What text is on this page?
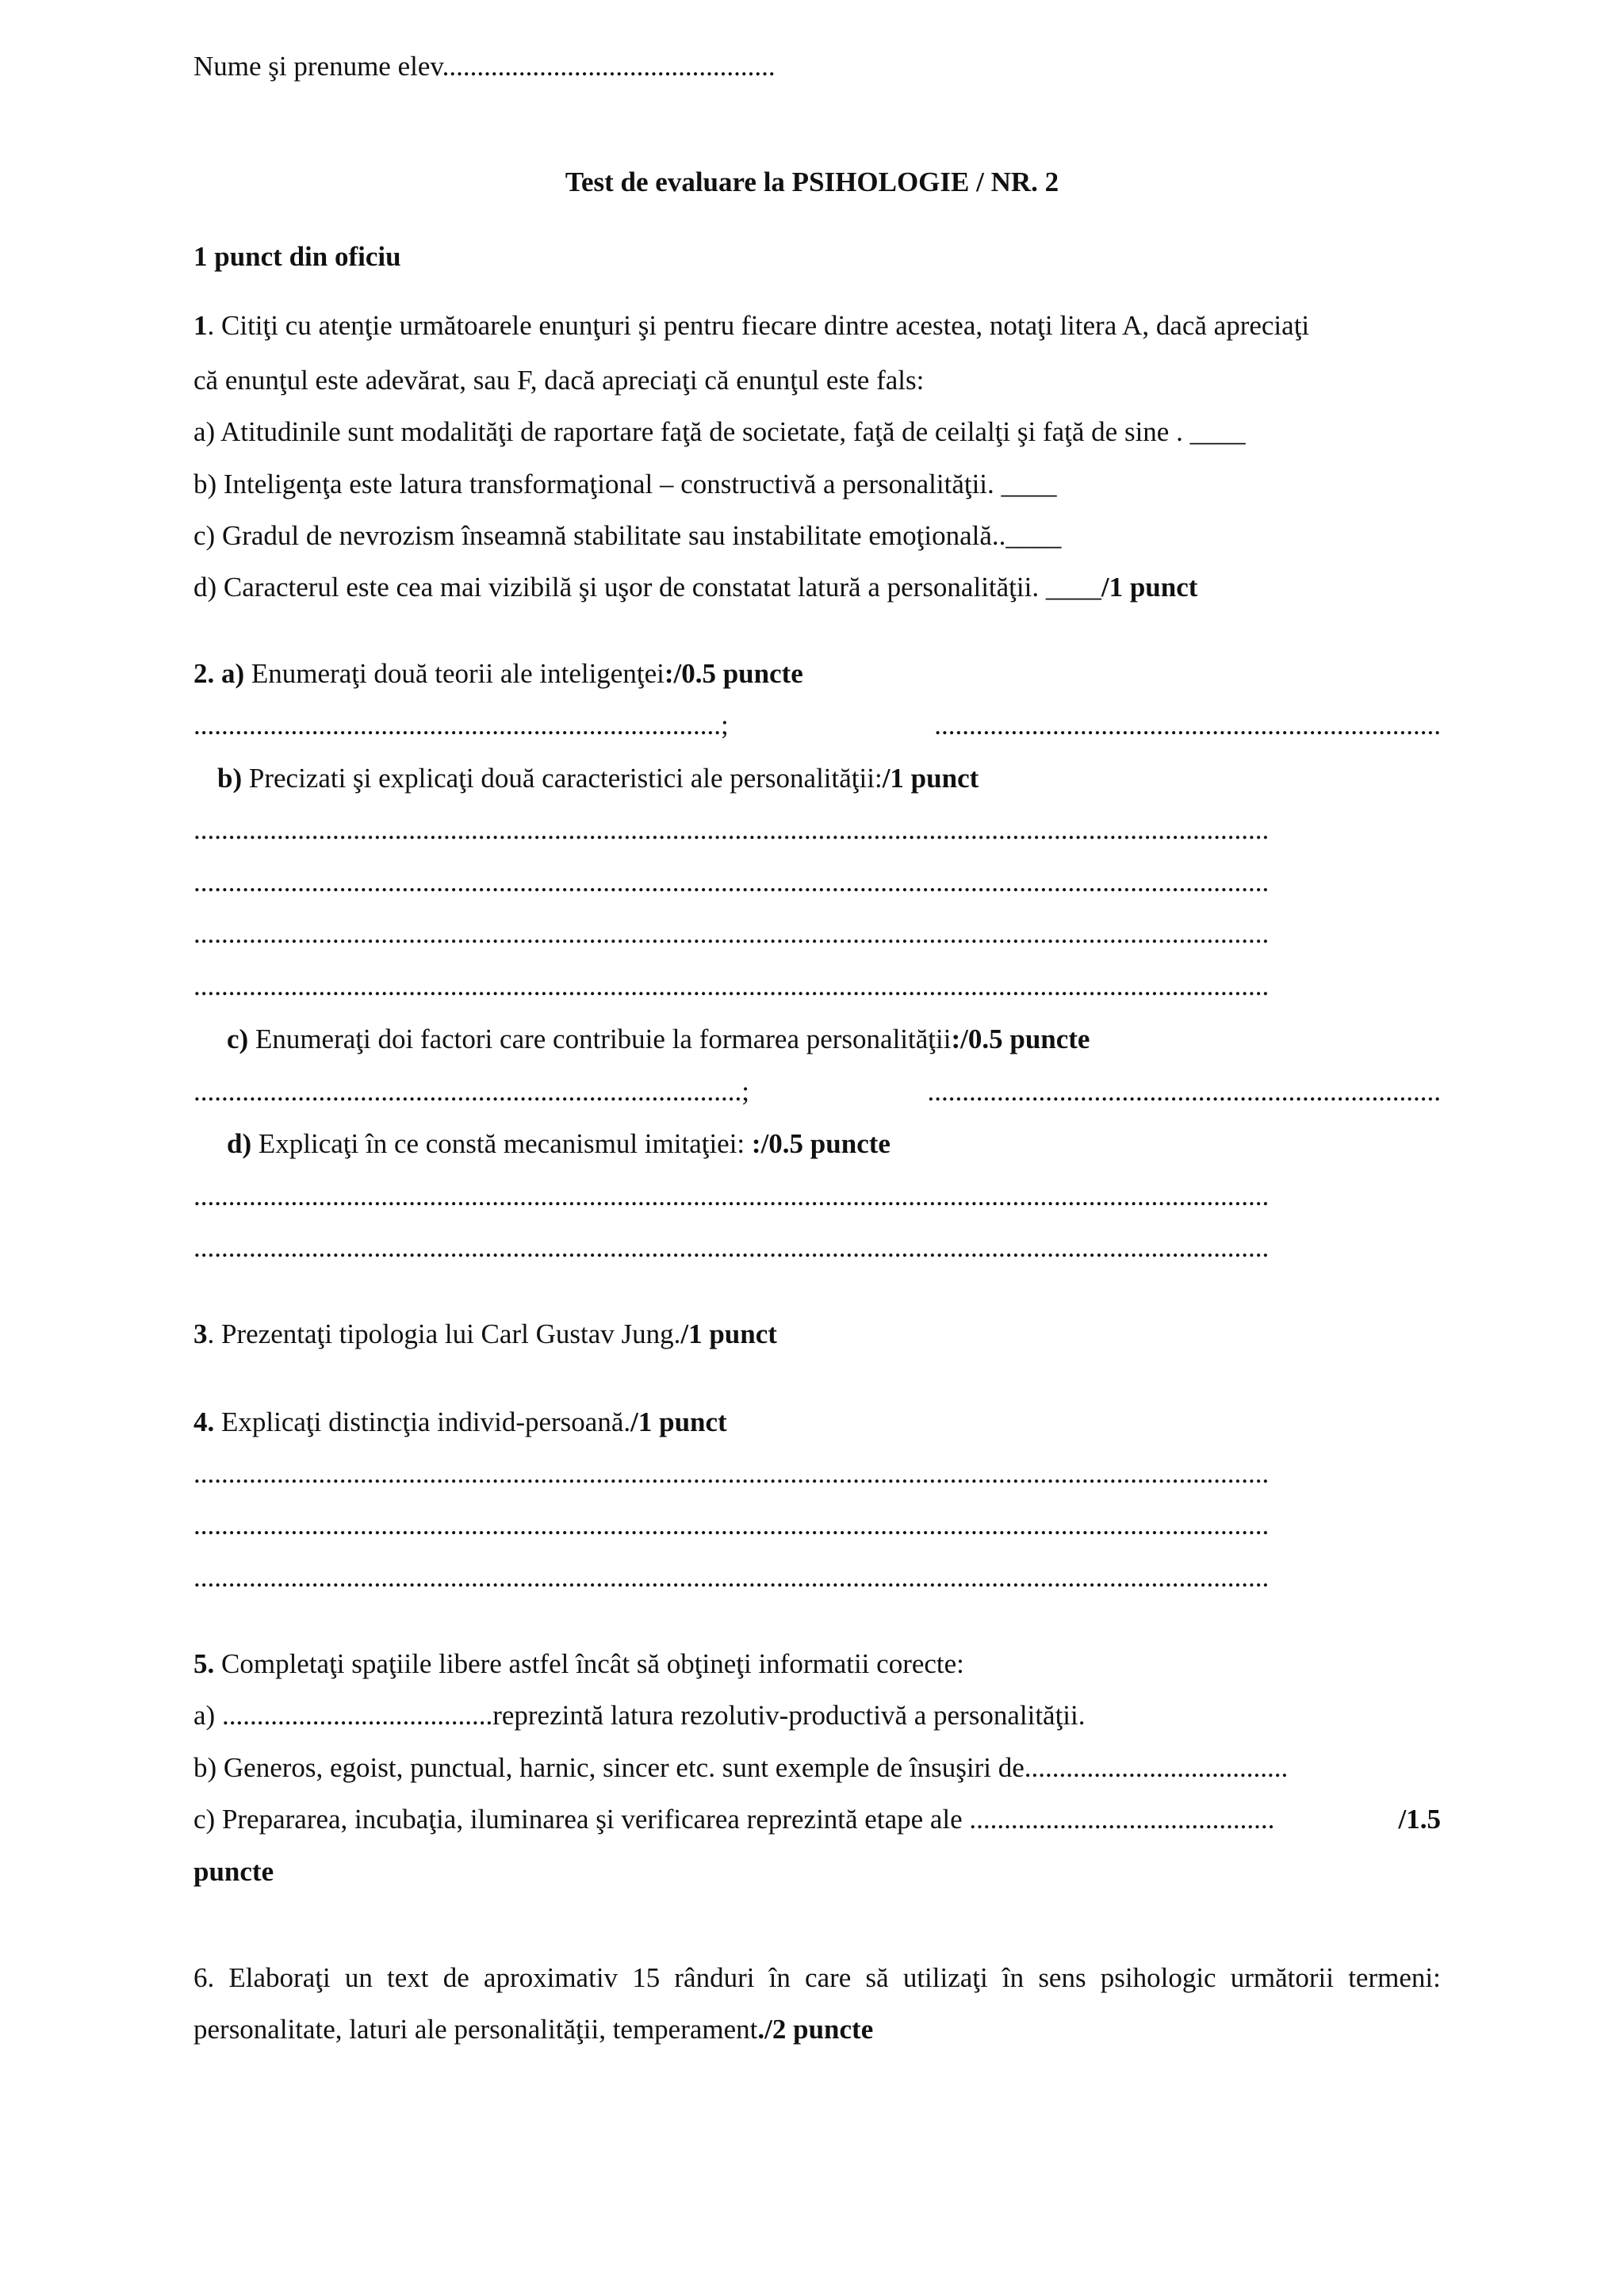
Nume şi prenume elev................................................
Test de evaluare la PSIHOLOGIE / NR. 2
1 punct din oficiu
1. Citiţi cu atenţie următoarele enunţuri şi pentru fiecare dintre acestea, notaţi litera A, dacă apreciaţi
că enunţul este adevărat, sau F, dacă apreciaţi că enunţul este fals:
a) Atitudinile sunt modalităţi de raportare faţă de societate, faţă de ceilalţi şi faţă de sine . ____
b) Inteligenţa este latura transformaţional – constructivă a personalităţii. ____
c) Gradul de nevrozism înseamnă stabilitate sau instabilitate emoţională..____
d) Caracterul este cea mai vizibilă şi uşor de constatat latură a personalităţii. ____/1 punct
2. a) Enumeraţi două teorii ale inteligenţei:/0.5 puncte
............................................................................;	.........................................................................
b) Precizati şi explicaţi două caracteristici ale personalităţii:/1 punct
...........................................................................................................................................................
...........................................................................................................................................................
...........................................................................................................................................................
...........................................................................................................................................................
c) Enumeraţi doi factori care contribuie la formarea personalităţii:/0.5 puncte
...............................................................................;	..........................................................................
d) Explicaţi în ce constă mecanismul imitaţiei: :/0.5 puncte
...........................................................................................................................................................
...........................................................................................................................................................
3. Prezentaţi tipologia lui Carl Gustav Jung./1 punct
4. Explicaţi distincţia individ-persoană./1 punct
...........................................................................................................................................................
...........................................................................................................................................................
...........................................................................................................................................................
5. Completaţi spaţiile libere astfel încât să obţineţi informatii corecte:
a) .......................................reprezintă latura rezolutiv-productivă a personalităţii.
b) Generos, egoist, punctual, harnic, sincer etc. sunt exemple de însuşiri de......................................
c) Prepararea, incubaţia, iluminarea şi verificarea reprezintă etape ale ............................................	/1.5
puncte
6. Elaboraţi un text de aproximativ 15 rânduri în care să utilizaţi în sens psihologic următorii termeni:
personalitate, laturi ale personalităţii, temperament./2 puncte
